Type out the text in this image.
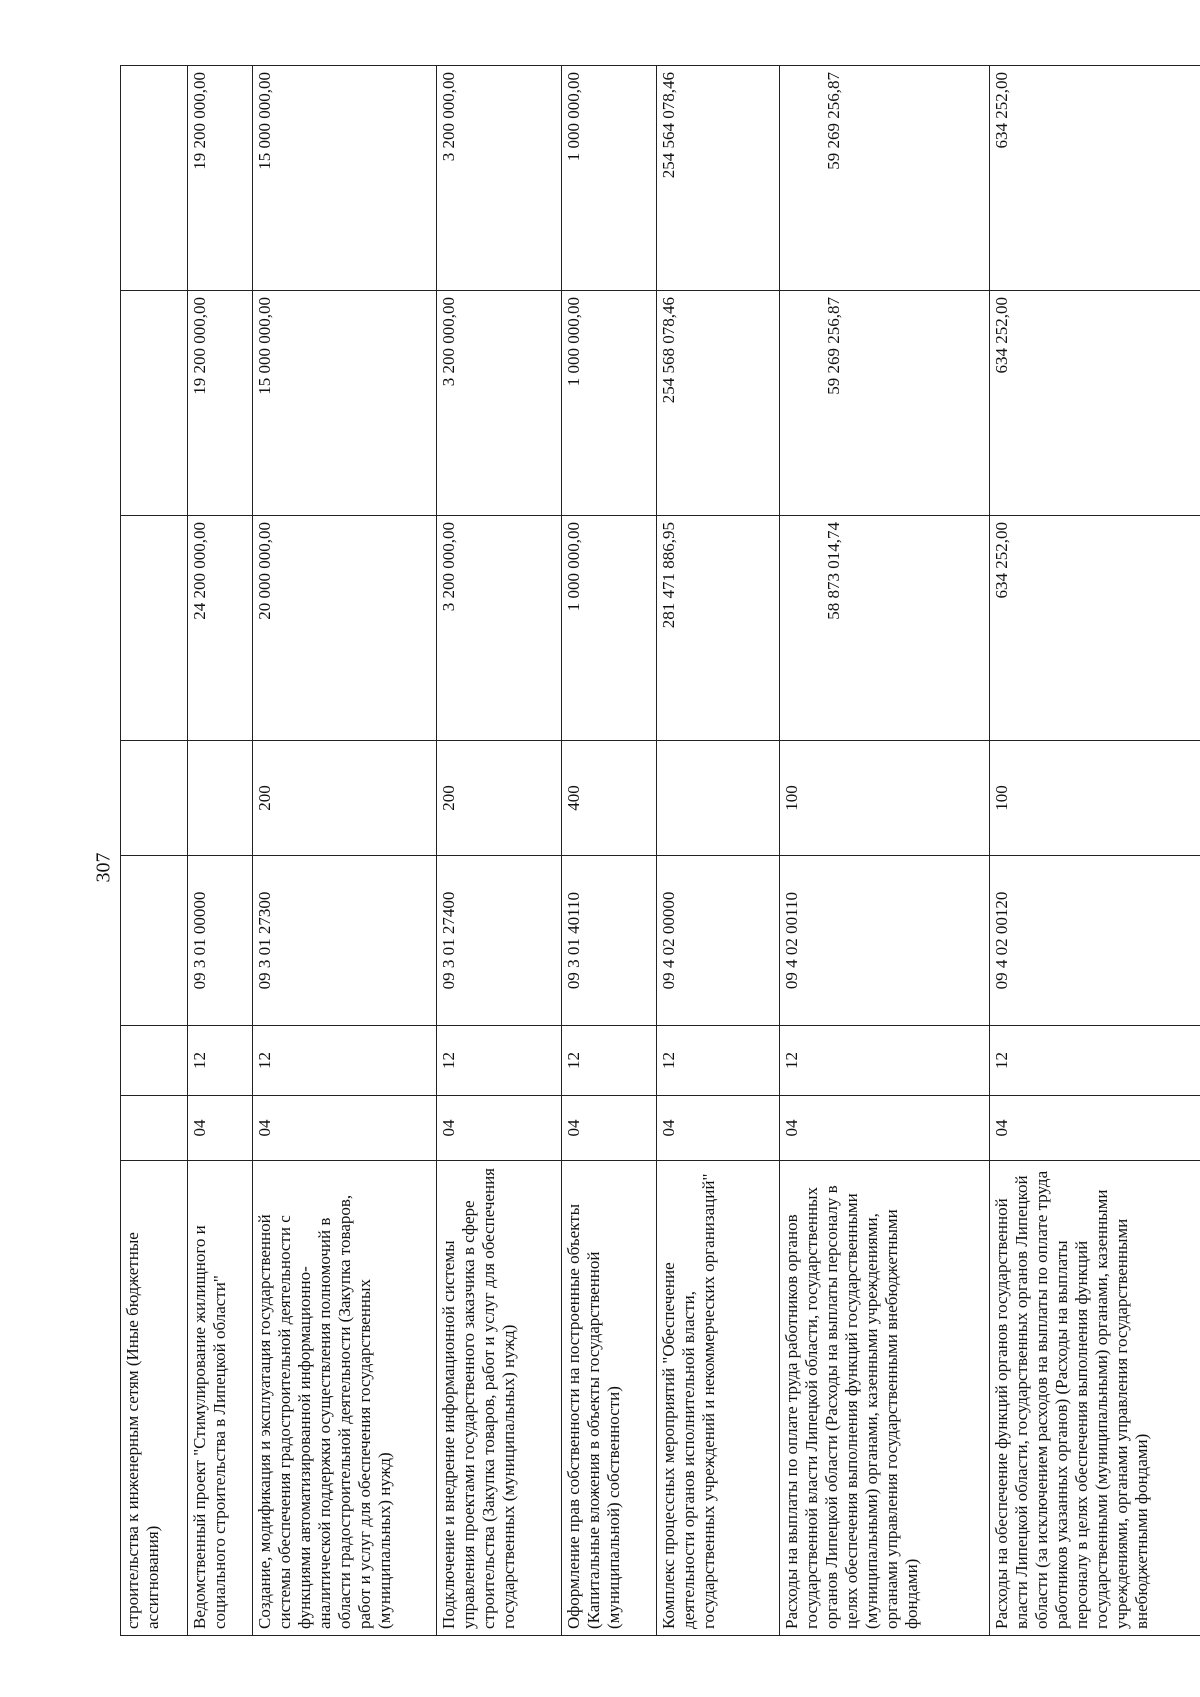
307
строительства к инженерным сетям (Иные бюджетные ассигнования)							
Ведомственный проект "Стимулирование жилищного и социального строительства в Липецкой области"	04	12	09 3 01 00000		24 200 000,00	19 200 000,00	19 200 000,00
Создание, модификация и эксплуатация государственной системы обеспечения градостроительной деятельности с функциями автоматизированной информационно-аналитической поддержки осуществления полномочий в области градостроительной деятельности (Закупка товаров, работ и услуг для обеспечения государственных (муниципальных) нужд)	04	12	09 3 01 27300	200	20 000 000,00	15 000 000,00	15 000 000,00
Подключение и внедрение информационной системы управления проектами государственного заказчика в сфере строительства (Закупка товаров, работ и услуг для обеспечения государственных (муниципальных) нужд)	04	12	09 3 01 27400	200	3 200 000,00	3 200 000,00	3 200 000,00
Оформление прав собственности на построенные объекты (Капитальные вложения в объекты государственной (муниципальной) собственности)	04	12	09 3 01 40110	400	1 000 000,00	1 000 000,00	1 000 000,00
Комплекс процессных мероприятий "Обеспечение деятельности органов исполнительной власти, государственных учреждений и некоммерческих организаций"	04	12	09 4 02 00000		281 471 886,95	254 568 078,46	254 564 078,46
Расходы на выплаты по оплате труда работников органов государственной власти Липецкой области, государственных органов Липецкой области (Расходы на выплаты персоналу в целях обеспечения выполнения функций государственными (муниципальными) органами, казенными учреждениями, органами управления государственными внебюджетными фондами)	04	12	09 4 02 00110	100	58 873 014,74	59 269 256,87	59 269 256,87
Расходы на обеспечение функций органов государственной власти Липецкой области, государственных органов Липецкой области (за исключением расходов на выплаты по оплате труда работников указанных органов) (Расходы на выплаты персоналу в целях обеспечения выполнения функций государственными (муниципальными) органами, казенными учреждениями, органами управления государственными внебюджетными фондами)	04	12	09 4 02 00120	100	634 252,00	634 252,00	634 252,00
